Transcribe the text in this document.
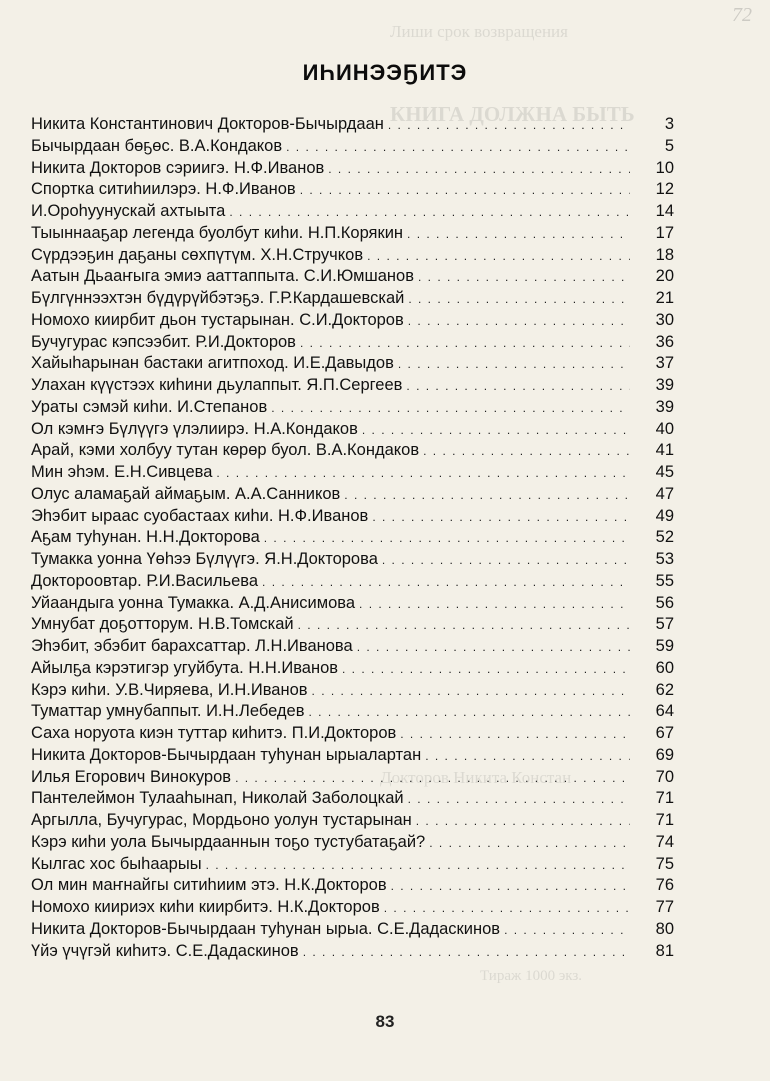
Лиши срок возвращения
КНИГА ДОЛЖНА БЫТЬ
Докторов Никита Констан
Тираж 1000 экз.
72
ИҺИНЭЭҔИТЭ
Никита Константинович Докторов-Бычырдаан . . .	3
Бычырдаан бөҕөс. В.А.Кондаков . . .	5
Никита Докторов сэриигэ. Н.Ф.Иванов . . .	10
Спортка ситиһиилэрэ. Н.Ф.Иванов . . .	12
И.Ороһуунускай ахтыыта . . .	14
Тыыннааҕар легенда буолбут киһи. Н.П.Корякин . . .	17
Сүрдээҕин даҕаны сөхпүтүм. Х.Н.Стручков . . .	18
Аатын Дьааҥыга эмиэ ааттаппыта. С.И.Юмшанов . . .	20
Бүлгүннээхтэн бүдүрүйбэтэҕэ. Г.Р.Кардашевскай . . .	21
Номохо киирбит дьон тустарынан. С.И.Докторов . . .	30
Бучугурас кэпсээбит. Р.И.Докторов . . .	36
Хайыһарынан бастаки агитпоход. И.Е.Давыдов . . .	37
Улахан күүстээх киһини дьулаппыт. Я.П.Сергеев . . .	39
Ураты сэмэй киһи. И.Степанов . . .	39
Ол кэмҥэ Бүлүүгэ үлэлиирэ. Н.А.Кондаков . . .	40
Арай, кэми холбуу тутан көрөр буол. В.А.Кондаков . . .	41
Мин эһэм. Е.Н.Сивцева . . .	45
Олус аламаҕай аймаҕым. А.А.Санников . . .	47
Эһэбит ыраас суобастаах киһи. Н.Ф.Иванов . . .	49
Аҕам туһунан. Н.Н.Докторова . . .	52
Тумакка уонна Үөһээ Бүлүүгэ. Я.Н.Докторова . . .	53
Доктороовтар. Р.И.Васильева . . .	55
Уйаандыга уонна Тумакка. А.Д.Анисимова . . .	56
Умнубат доҕотторум. Н.В.Томскай . . .	57
Эһэбит, эбэбит барахсаттар. Л.Н.Иванова . . .	59
Айылҕа кэрэтигэр угуйбута. Н.Н.Иванов . . .	60
Кэрэ киһи. У.В.Чиряева, И.Н.Иванов . . .	62
Туматтар умнубаппыт. И.Н.Лебедев . . .	64
Саха норуота киэн туттар киһитэ. П.И.Докторов . . .	67
Никита Докторов-Бычырдаан туһунан ырыалартан . . .	69
Илья Егорович Винокуров . . .	70
Пантелеймон Тулааһынап, Николай Заболоцкай . . .	71
Аргылла, Бучугурас, Мордьоно уолун тустарынан . . .	71
Кэрэ киһи уола Бычырдааннын тоҕо тустубатаҕай? . . .	74
Кылгас хос быһаарыы . . .	75
Ол мин маҥнайгы ситиһиим этэ. Н.К.Докторов . . .	76
Номохо киириэх киһи киирбитэ. Н.К.Докторов . . .	77
Никита Докторов-Бычырдаан туһунан ырыа. С.Е.Дадаскинов . . .	80
Үйэ үчүгэй киһитэ. С.Е.Дадаскинов . . .	81
83
